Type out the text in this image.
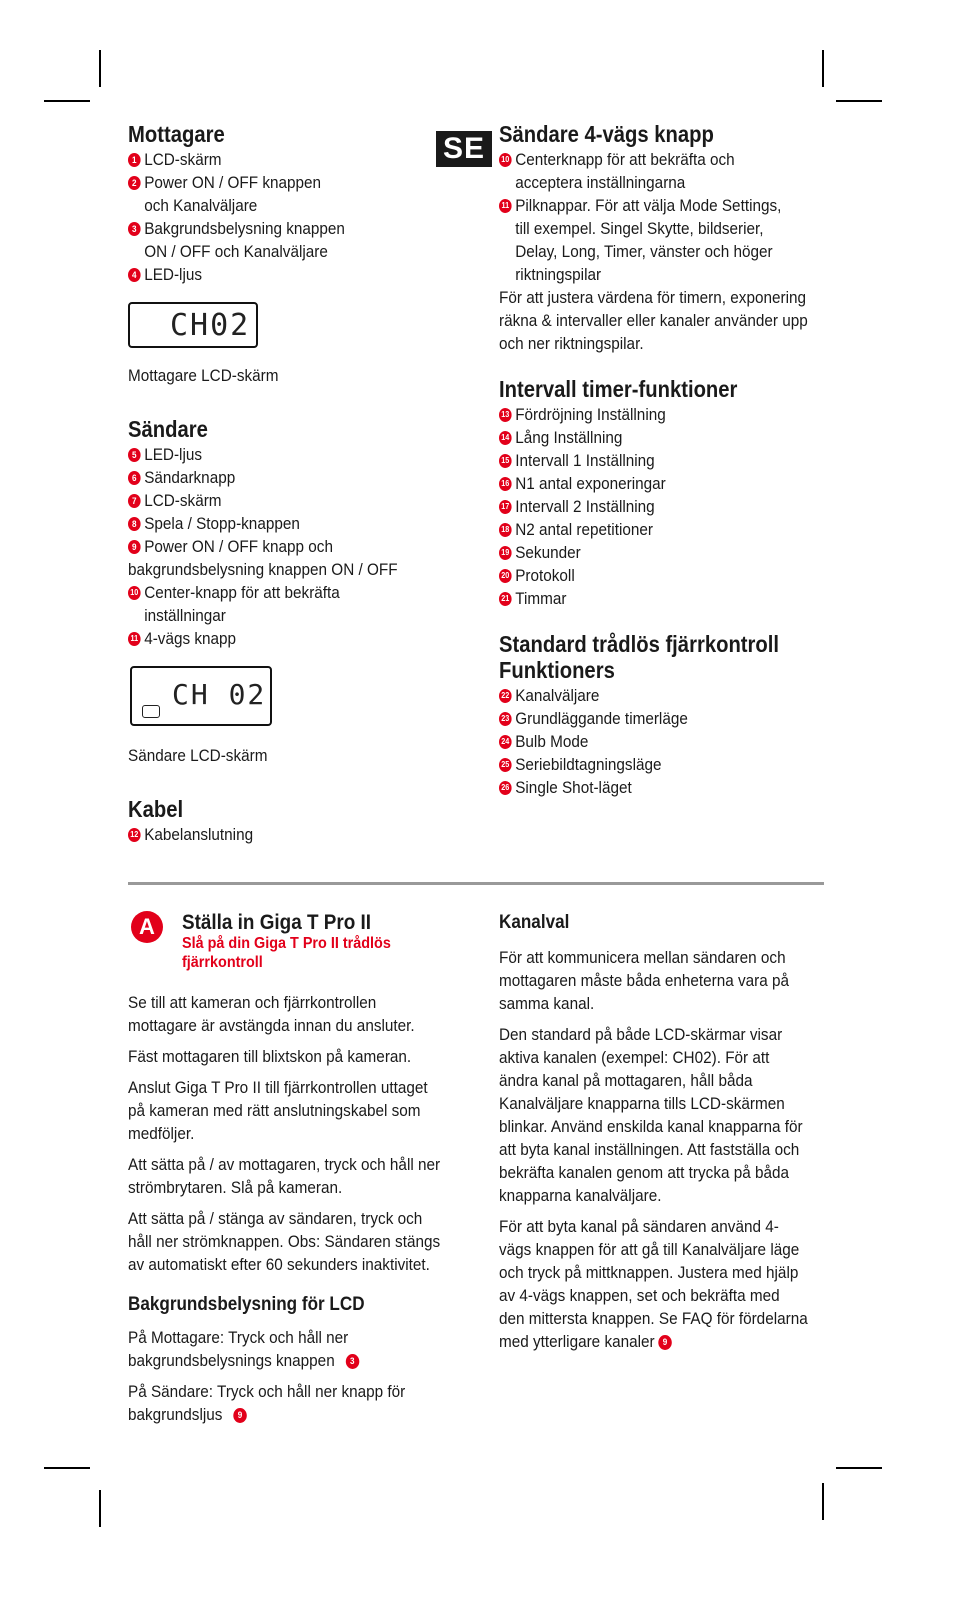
SE
Mottagare
1 LCD-skärm
2 Power ON / OFF knappen
och Kanalväljare
3 Bakgrundsbelysning knappen
ON / OFF och Kanalväljare
4 LED-ljus
CH02
Mottagare LCD-skärm
Sändare
5 LED-ljus
6 Sändarknapp
7 LCD-skärm
8 Spela / Stopp-knappen
9 Power ON / OFF knapp och
bakgrundsbelysning knappen ON / OFF
10 Center-knapp för att bekräfta
inställningar
11 4-vägs knapp
CH 02
Sändare LCD-skärm
Kabel
12 Kabelanslutning
Sändare 4-vägs knapp
10 Centerknapp för att bekräfta och
acceptera inställningarna
11 Pilknappar. För att välja Mode Settings,
till exempel. Singel Skytte, bildserier,
Delay, Long, Timer, vänster och höger
riktningspilar

För att justera värdena för timern, exponering räkna & intervaller eller kanaler använder upp och ner riktningspilar.

Intervall timer-funktioner
13 Fördröjning Inställning
14 Lång Inställning
15 Intervall 1 Inställning
16 N1 antal exponeringar
17 Intervall 2 Inställning
18 N2 antal repetitioner
19 Sekunder
20 Protokoll
21 Timmar
Standard trådlös fjärrkontroll
Funktioners
22 Kanalväljare
23 Grundläggande timerläge
24 Bulb Mode
25 Seriebildtagningsläge
26 Single Shot-läget
A	Ställa in Giga T Pro II
Slå på din Giga T Pro II trådlös
fjärrkontroll

Se till att kameran och fjärrkontrollen mottagare är avstängda innan du ansluter.

Fäst mottagaren till blixtskon på kameran.

Anslut Giga T Pro II till fjärrkontrollen uttaget på kameran med rätt anslutningskabel som medföljer.

Att sätta på / av mottagaren, tryck och håll ner strömbrytaren. Slå på kameran.

Att sätta på / stänga av sändaren, tryck och håll ner strömknappen. Obs: Sändaren stängs av automatiskt efter 60 sekunders inaktivitet.

Bakgrundsbelysning för LCD

På Mottagare: Tryck och håll ner bakgrundsbelysnings knappen 3

På Sändare: Tryck och håll ner knapp för bakgrundsljus 9

Kanalval

För att kommunicera mellan sändaren och mottagaren måste båda enheterna vara på samma kanal.

Den standard på både LCD-skärmar visar aktiva kanalen (exempel: CH02). För att ändra kanal på mottagaren, håll båda Kanalväljare knapparna tills LCD-skärmen blinkar. Använd enskilda kanal knapparna för att byta kanal inställningen. Att fastställa och bekräfta kanalen genom att trycka på båda knapparna kanalväljare.

För att byta kanal på sändaren använd 4-vägs knappen för att gå till Kanalväljare läge och tryck på mittknappen. Justera med hjälp av 4-vägs knappen, set och bekräfta med den mittersta knappen. Se FAQ för fördelarna med ytterligare kanaler 9
